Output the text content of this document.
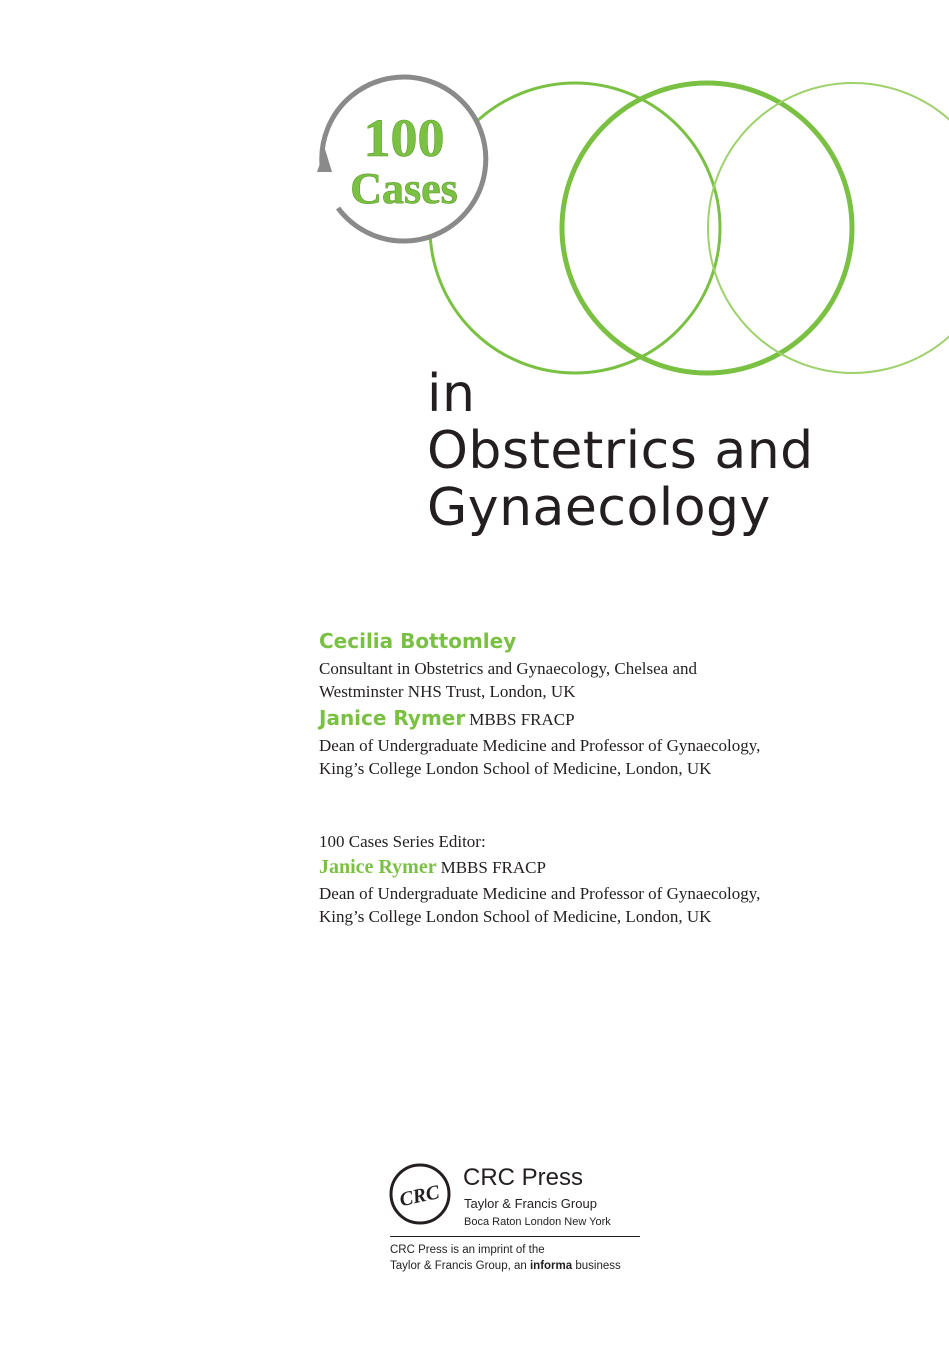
100
Cases
in
Obstetrics and
Gynaecology
Cecilia Bottomley
Consultant in Obstetrics and Gynaecology, Chelsea and
Westminster NHS Trust, London, UK
Janice Rymer MBBS FRACP
Dean of Undergraduate Medicine and Professor of Gynaecology,
King’s College London School of Medicine, London, UK
100 Cases Series Editor:
Janice Rymer MBBS FRACP
Dean of Undergraduate Medicine and Professor of Gynaecology,
King’s College London School of Medicine, London, UK
CRC
CRC Press
Taylor & Francis Group
Boca Raton London New York
CRC Press is an imprint of the
Taylor & Francis Group, an informa business
